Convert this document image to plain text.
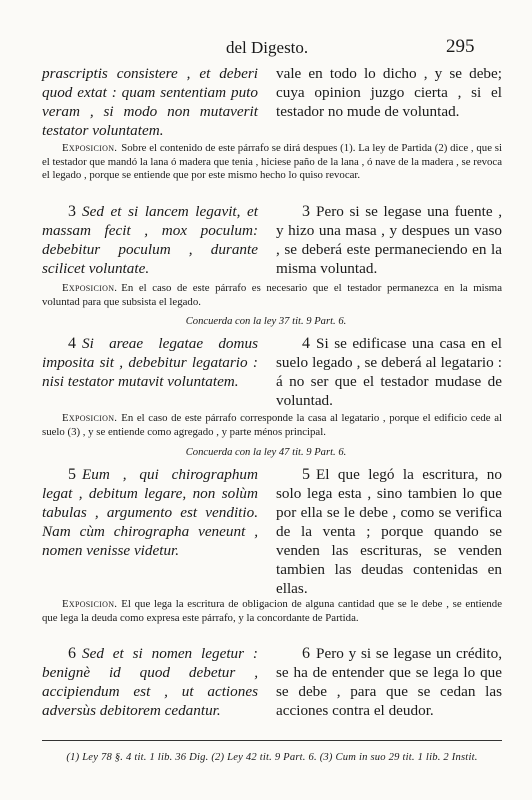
del Digesto.	295

prascriptis consistere , et deberi quod extat : quam sententiam puto veram , si modo non mutaverit testator voluntatem.

vale en todo lo dicho , y se debe; cuya opinion juzgo cierta , si el testador no mude de voluntad.

Exposicion. Sobre el contenido de este párrafo se dirá despues (1). La ley de Partida (2) dice , que si el testador que mandó la lana ó madera que tenia , hiciese paño de la lana , ó nave de la madera , se revoca el legado , porque se entiende que por este mismo hecho lo quiso revocar.

3 Sed et si lancem legavit, et massam fecit , mox poculum: debebitur poculum , durante scilicet voluntate.

3 Pero si se legase una fuente , y hizo una masa , y despues un vaso , se deberá este permaneciendo en la misma voluntad.

Exposicion. En el caso de este párrafo es necesario que el testador permanezca en la misma voluntad para que subsista el legado.

Concuerda con la ley 37 tit. 9 Part. 6.

4 Si areae legatae domus imposita sit , debebitur legatario : nisi testator mutavit voluntatem.

4 Si se edificase una casa en el suelo legado , se deberá al legatario : á no ser que el testador mudase de voluntad.

Exposicion. En el caso de este párrafo corresponde la casa al legatario , porque el edificio cede al suelo (3) , y se entiende como agregado , y parte ménos principal.

Concuerda con la ley 47 tit. 9 Part. 6.

5 Eum , qui chirographum legat , debitum legare, non solùm tabulas , argumento est venditio. Nam cùm chirographa veneunt , nomen venisse videtur.

5 El que legó la escritura, no solo lega esta , sino tambien lo que por ella se le debe , como se verifica de la venta ; porque quando se venden las escrituras, se venden tambien las deudas contenidas en ellas.

Exposicion. El que lega la escritura de obligacion de alguna cantidad que se le debe , se entiende que lega la deuda como expresa este párrafo, y la concordante de Partida.

6 Sed et si nomen legetur : benignè id quod debetur , accipiendum est , ut actiones adversùs debitorem cedantur.

6 Pero y si se legase un crédito, se ha de entender que se lega lo que se debe , para que se cedan las acciones contra el deudor.

(1) Ley 78 §. 4 tit. 1 lib. 36 Dig. (2) Ley 42 tit. 9 Part. 6. (3) Cum in suo 29 tit. 1 lib. 2 Instit.
